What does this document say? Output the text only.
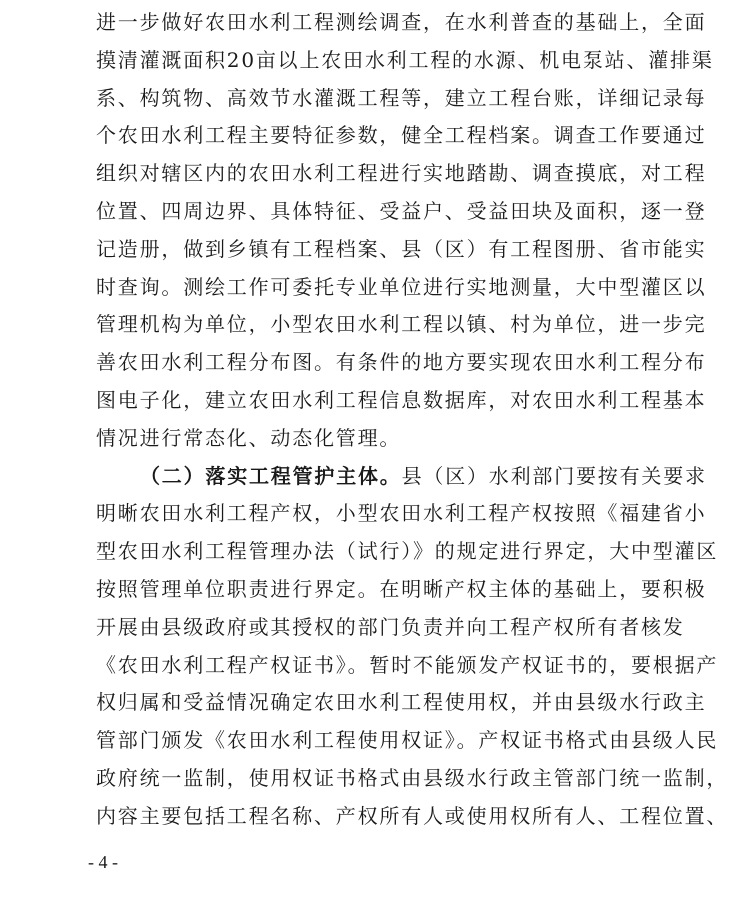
进一步做好农田水利工程测绘调查，在水利普查的基础上，全面
摸清灌溉面积20亩以上农田水利工程的水源、机电泵站、灌排渠
系、构筑物、高效节水灌溉工程等，建立工程台账，详细记录每
个农田水利工程主要特征参数，健全工程档案。调查工作要通过
组织对辖区内的农田水利工程进行实地踏勘、调查摸底，对工程
位置、四周边界、具体特征、受益户、受益田块及面积，逐一登
记造册，做到乡镇有工程档案、县（区）有工程图册、省市能实
时查询。测绘工作可委托专业单位进行实地测量，大中型灌区以
管理机构为单位，小型农田水利工程以镇、村为单位，进一步完
善农田水利工程分布图。有条件的地方要实现农田水利工程分布
图电子化，建立农田水利工程信息数据库，对农田水利工程基本
情况进行常态化、动态化管理。
（二）落实工程管护主体。县（区）水利部门要按有关要求
明晰农田水利工程产权，小型农田水利工程产权按照《福建省小
型农田水利工程管理办法（试行）》的规定进行界定，大中型灌区
按照管理单位职责进行界定。在明晰产权主体的基础上，要积极
开展由县级政府或其授权的部门负责并向工程产权所有者核发
《农田水利工程产权证书》。暂时不能颁发产权证书的，要根据产
权归属和受益情况确定农田水利工程使用权，并由县级水行政主
管部门颁发《农田水利工程使用权证》。产权证书格式由县级人民
政府统一监制，使用权证书格式由县级水行政主管部门统一监制，
内容主要包括工程名称、产权所有人或使用权所有人、工程位置、
- 4 -
